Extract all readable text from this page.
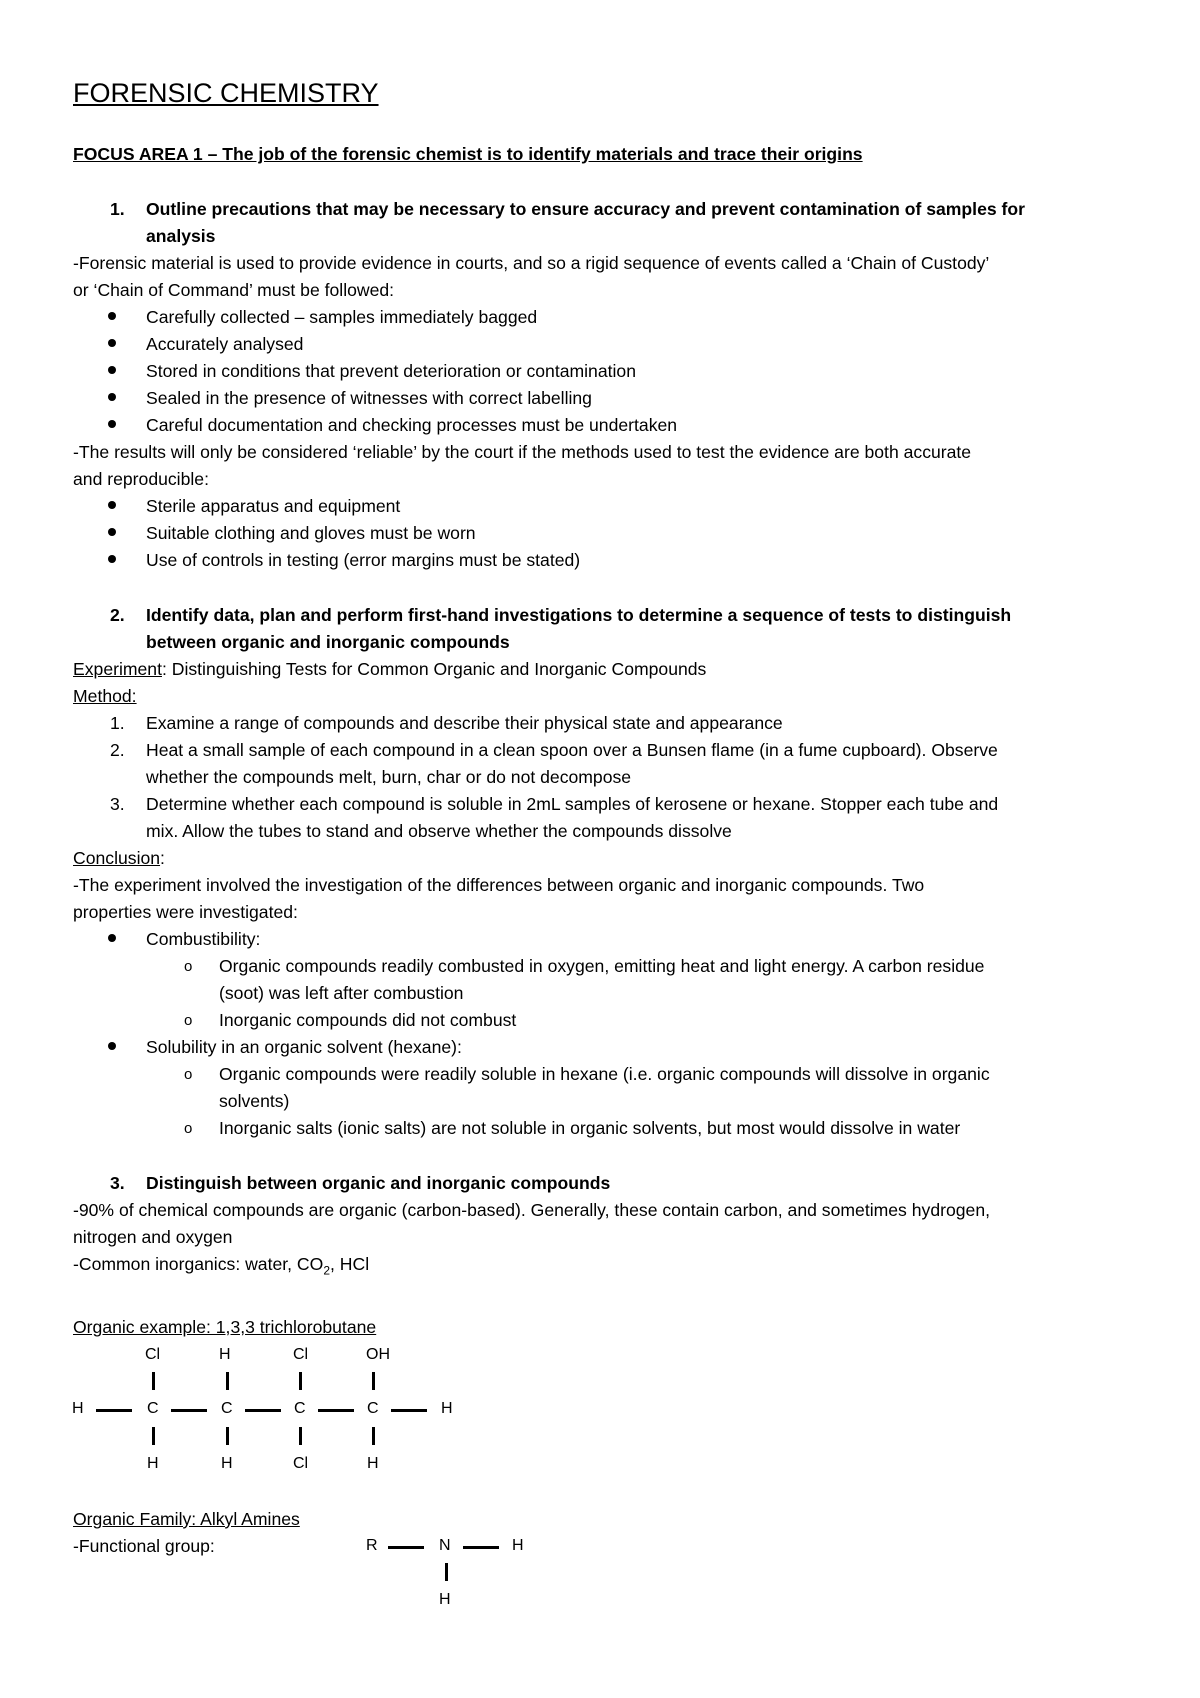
FORENSIC CHEMISTRY
FOCUS AREA 1 – The job of the forensic chemist is to identify materials and trace their origins
1. Outline precautions that may be necessary to ensure accuracy and prevent contamination of samples for
analysis
-Forensic material is used to provide evidence in courts, and so a rigid sequence of events called a ‘Chain of Custody’
or ‘Chain of Command’ must be followed:
Carefully collected – samples immediately bagged
Accurately analysed
Stored in conditions that prevent deterioration or contamination
Sealed in the presence of witnesses with correct labelling
Careful documentation and checking processes must be undertaken
-The results will only be considered ‘reliable’ by the court if the methods used to test the evidence are both accurate
and reproducible:
Sterile apparatus and equipment
Suitable clothing and gloves must be worn
Use of controls in testing (error margins must be stated)
2. Identify data, plan and perform first-hand investigations to determine a sequence of tests to distinguish
between organic and inorganic compounds
Experiment: Distinguishing Tests for Common Organic and Inorganic Compounds
Method:
1. Examine a range of compounds and describe their physical state and appearance
2. Heat a small sample of each compound in a clean spoon over a Bunsen flame (in a fume cupboard). Observe
whether the compounds melt, burn, char or do not decompose
3. Determine whether each compound is soluble in 2mL samples of kerosene or hexane. Stopper each tube and
mix. Allow the tubes to stand and observe whether the compounds dissolve
Conclusion:
-The experiment involved the investigation of the differences between organic and inorganic compounds. Two
properties were investigated:
Combustibility:
o Organic compounds readily combusted in oxygen, emitting heat and light energy. A carbon residue
(soot) was left after combustion
o Inorganic compounds did not combust
Solubility in an organic solvent (hexane):
o Organic compounds were readily soluble in hexane (i.e. organic compounds will dissolve in organic
solvents)
o Inorganic salts (ionic salts) are not soluble in organic solvents, but most would dissolve in water
3. Distinguish between organic and inorganic compounds
-90% of chemical compounds are organic (carbon-based). Generally, these contain carbon, and sometimes hydrogen,
nitrogen and oxygen
-Common inorganics: water, $CO_2$, HCl
Organic example: 1,3,3 trichlorobutane
Cl	H	Cl	OH
H	C	C	C	C	H
H	H	Cl	H
Organic Family: Alkyl Amines
-Functional group:	R	N	H
H
